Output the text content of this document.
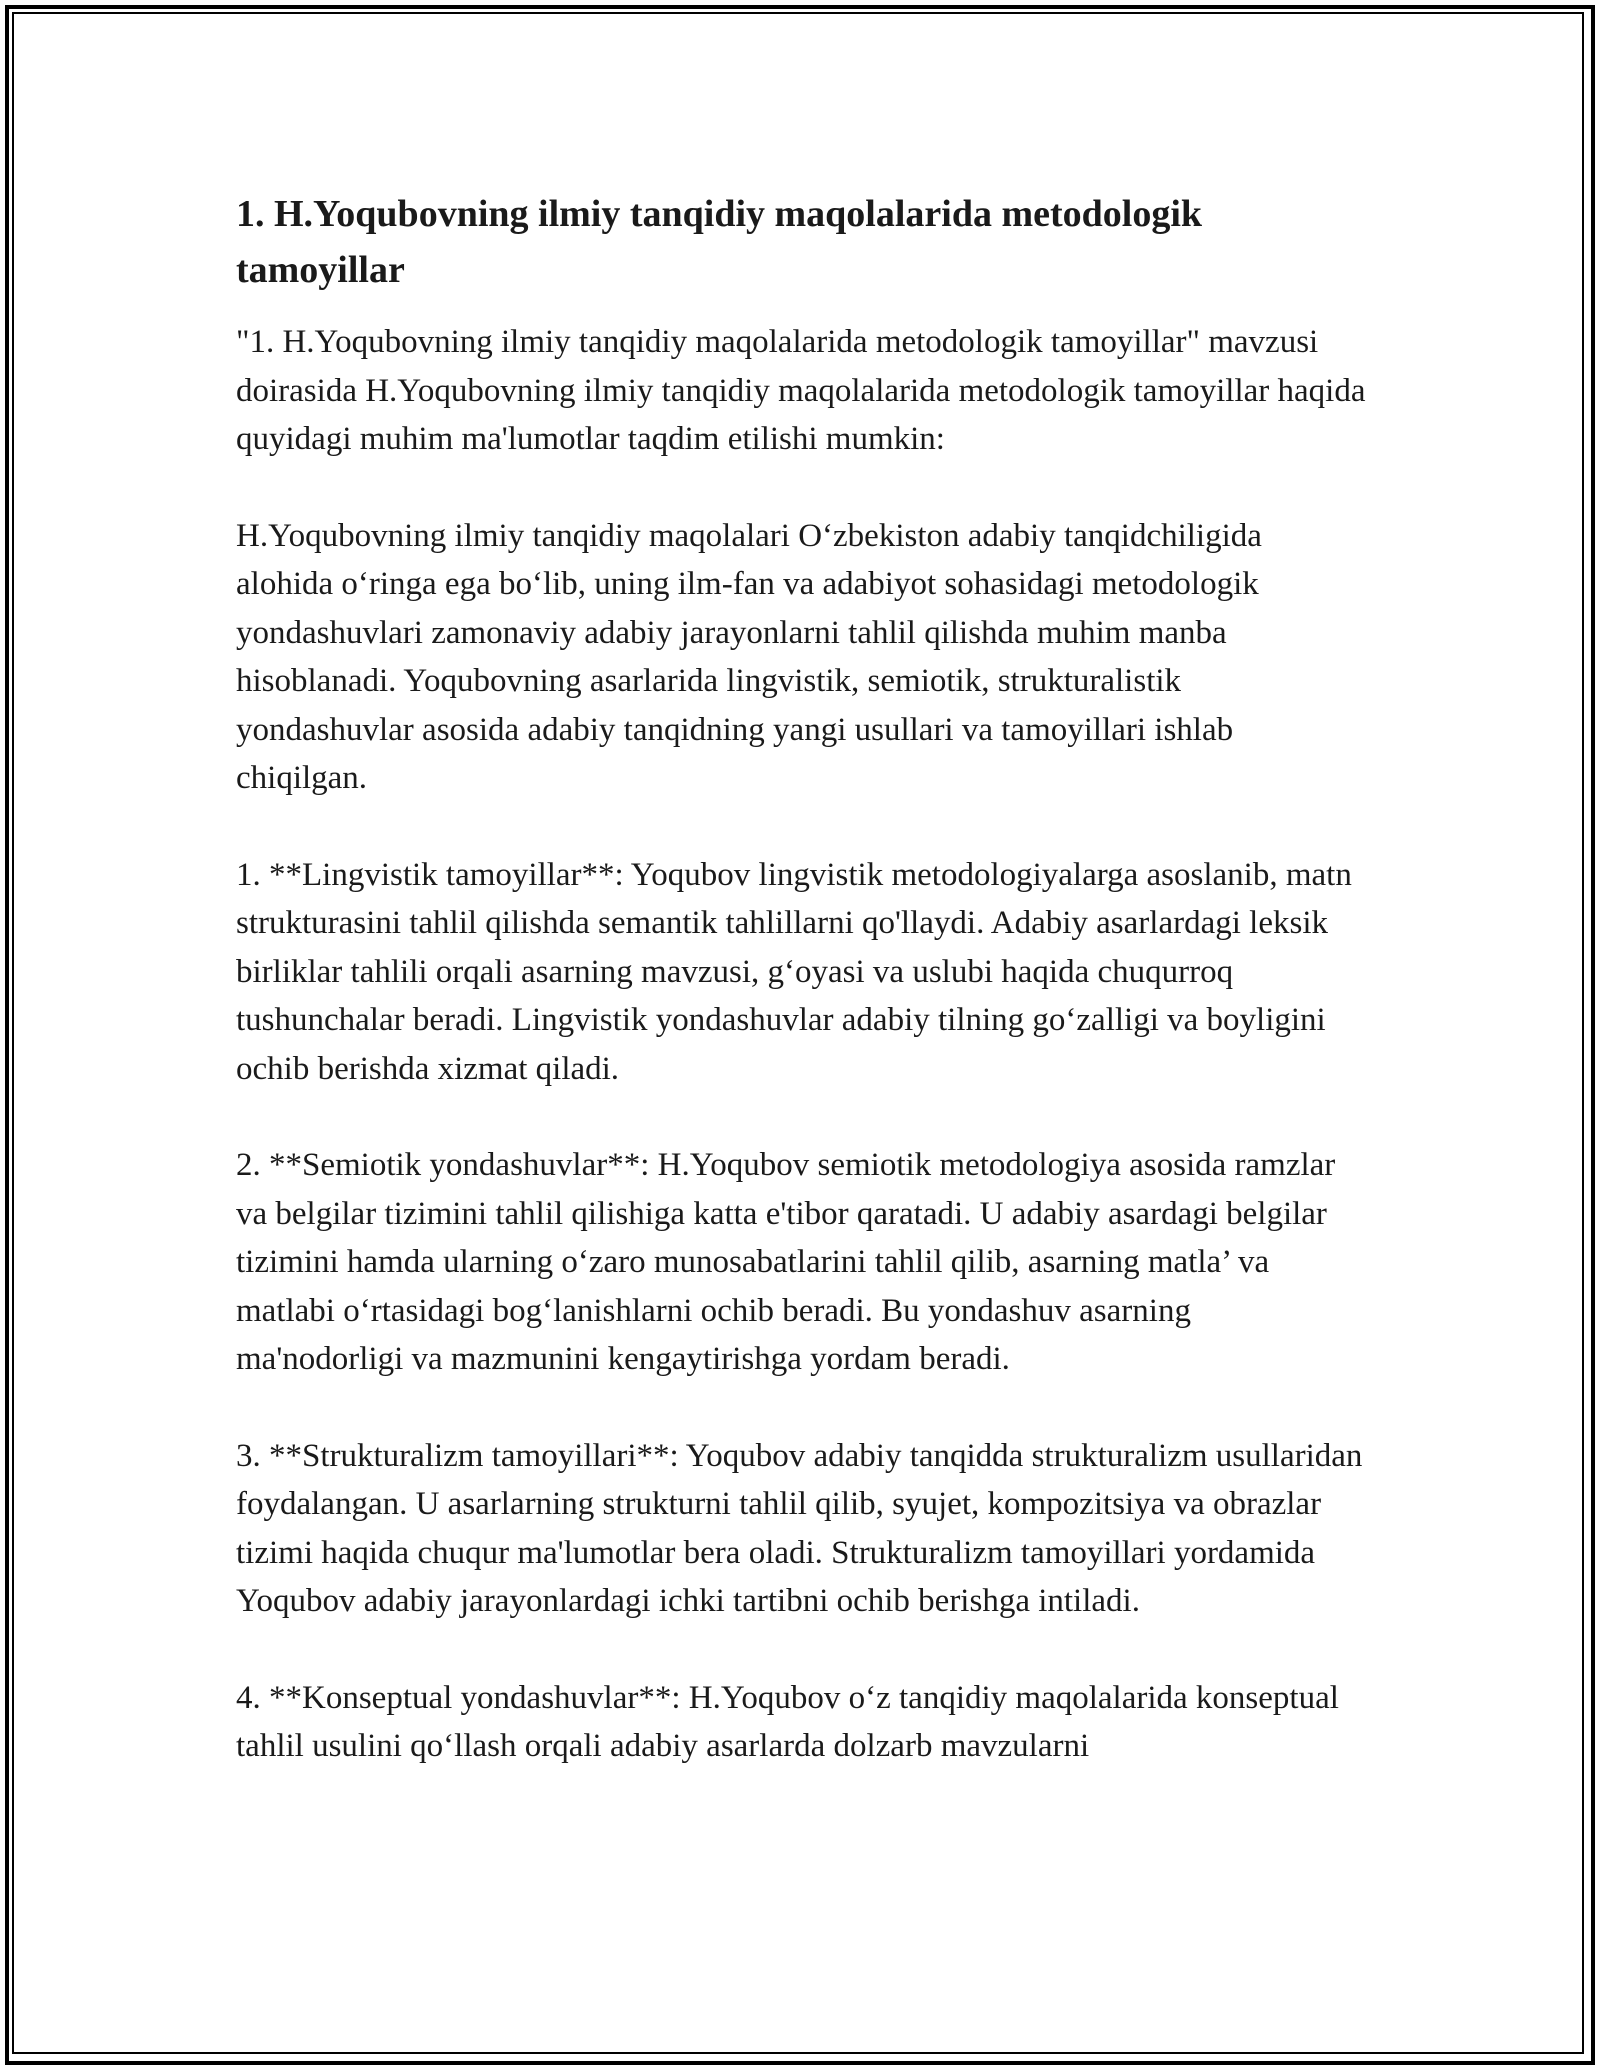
1. H.Yoqubovning ilmiy tanqidiy maqolalarida metodologik tamoyillar

"1. H.Yoqubovning ilmiy tanqidiy maqolalarida metodologik tamoyillar" mavzusi doirasida H.Yoqubovning ilmiy tanqidiy maqolalarida metodologik tamoyillar haqida quyidagi muhim ma'lumotlar taqdim etilishi mumkin:

H.Yoqubovning ilmiy tanqidiy maqolalari O‘zbekiston adabiy tanqidchiligida alohida o‘ringa ega bo‘lib, uning ilm-fan va adabiyot sohasidagi metodologik yondashuvlari zamonaviy adabiy jarayonlarni tahlil qilishda muhim manba hisoblanadi. Yoqubovning asarlarida lingvistik, semiotik, strukturalistik yondashuvlar asosida adabiy tanqidning yangi usullari va tamoyillari ishlab chiqilgan.

1. **Lingvistik tamoyillar**: Yoqubov lingvistik metodologiyalarga asoslanib, matn strukturasini tahlil qilishda semantik tahlillarni qo'llaydi. Adabiy asarlardagi leksik birliklar tahlili orqali asarning mavzusi, g‘oyasi va uslubi haqida chuqurroq tushunchalar beradi. Lingvistik yondashuvlar adabiy tilning go‘zalligi va boyligini ochib berishda xizmat qiladi.

2. **Semiotik yondashuvlar**: H.Yoqubov semiotik metodologiya asosida ramzlar va belgilar tizimini tahlil qilishiga katta e'tibor qaratadi. U adabiy asardagi belgilar tizimini hamda ularning o‘zaro munosabatlarini tahlil qilib, asarning matla’ va matlabi o‘rtasidagi bog‘lanishlarni ochib beradi. Bu yondashuv asarning ma'nodorligi va mazmunini kengaytirishga yordam beradi.

3. **Strukturalizm tamoyillari**: Yoqubov adabiy tanqidda strukturalizm usullaridan foydalangan. U asarlarning strukturni tahlil qilib, syujet, kompozitsiya va obrazlar tizimi haqida chuqur ma'lumotlar bera oladi. Strukturalizm tamoyillari yordamida Yoqubov adabiy jarayonlardagi ichki tartibni ochib berishga intiladi.

4. **Konseptual yondashuvlar**: H.Yoqubov o‘z tanqidiy maqolalarida konseptual tahlil usulini qo‘llash orqali adabiy asarlarda dolzarb mavzularni
